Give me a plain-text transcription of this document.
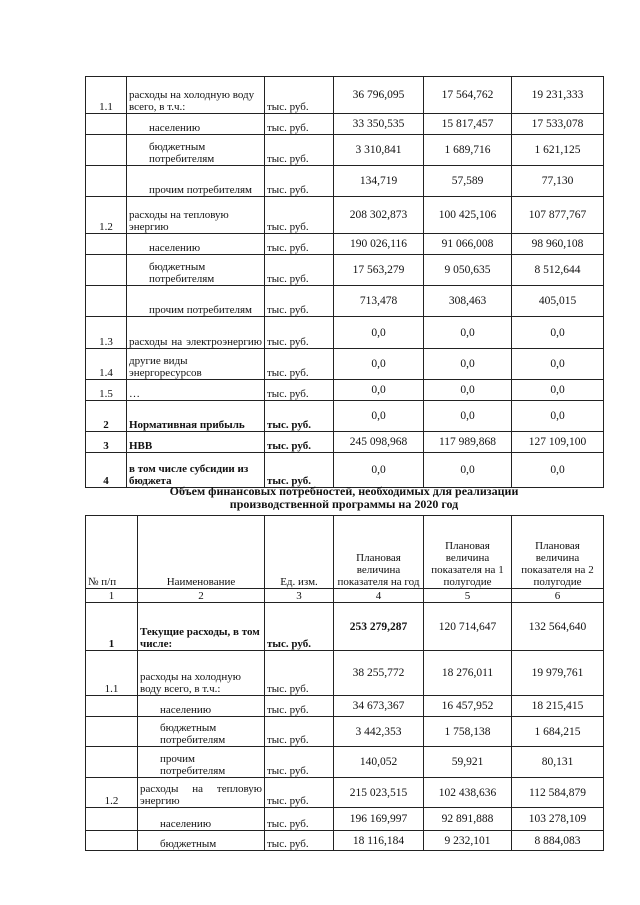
1.1	расходы на холодную воду всего, в т.ч.:	тыс. руб.	36 796,095	17 564,762	19 231,333
	населению	тыс. руб.	33 350,535	15 817,457	17 533,078
	бюджетным потребителям	тыс. руб.	3 310,841	1 689,716	1 621,125
	прочим потребителям	тыс. руб.	134,719	57,589	77,130
1.2	расходы на тепловую энергию	тыс. руб.	208 302,873	100 425,106	107 877,767
	населению	тыс. руб.	190 026,116	91 066,008	98 960,108
	бюджетным потребителям	тыс. руб.	17 563,279	9 050,635	8 512,644
	прочим потребителям	тыс. руб.	713,478	308,463	405,015
1.3	расходы на электроэнергию	тыс. руб.	0,0	0,0	0,0
1.4	другие виды энергоресурсов	тыс. руб.	0,0	0,0	0,0
1.5	…	тыс. руб.	0,0	0,0	0,0
2	Нормативная прибыль	тыс. руб.	0,0	0,0	0,0
3	НВВ	тыс. руб.	245 098,968	117 989,868	127 109,100
4	в том числе субсидии из бюджета	тыс. руб.	0,0	0,0	0,0
Объем финансовых потребностей, необходимых для реализации
производственной программы на 2020 год
№ п/п	Наименование	Ед. изм.	Плановая величина показателя на год	Плановая величина показателя на 1 полугодие	Плановая величина показателя на 2 полугодие
1	2	3	4	5	6
1	Текущие расходы, в том числе:	тыс. руб.	253 279,287	120 714,647	132 564,640
1.1	расходы на холодную воду всего, в т.ч.:	тыс. руб.	38 255,772	18 276,011	19 979,761
	населению	тыс. руб.	34 673,367	16 457,952	18 215,415
	бюджетным потребителям	тыс. руб.	3 442,353	1 758,138	1 684,215
	прочим потребителям	тыс. руб.	140,052	59,921	80,131
1.2	расходы на тепловую энергию	тыс. руб.	215 023,515	102 438,636	112 584,879
	населению	тыс. руб.	196 169,997	92 891,888	103 278,109
	бюджетным	тыс. руб.	18 116,184	9 232,101	8 884,083
